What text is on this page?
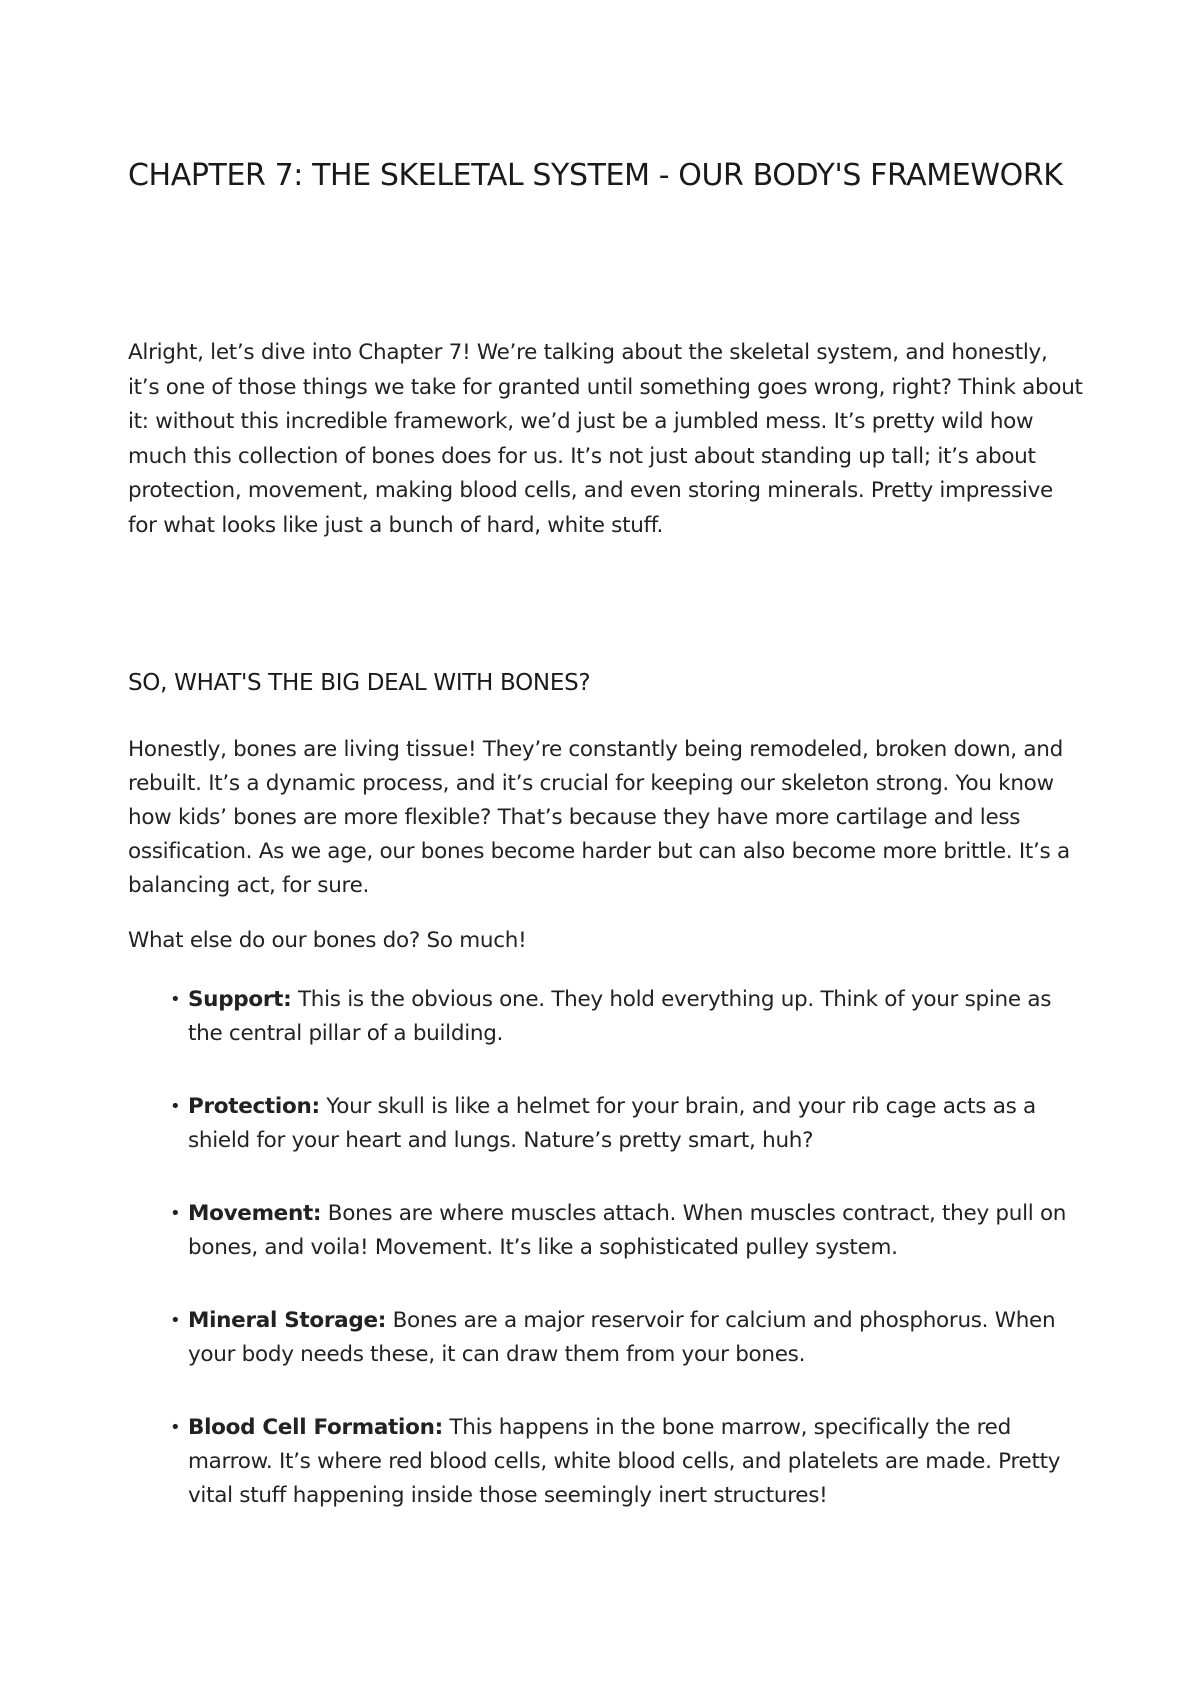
CHAPTER 7: THE SKELETAL SYSTEM - OUR BODY'S FRAMEWORK

Alright, let’s dive into Chapter 7! We’re talking about the skeletal system, and honestly, it’s one of those things we take for granted until something goes wrong, right? Think about it: without this incredible framework, we’d just be a jumbled mess. It’s pretty wild how much this collection of bones does for us. It’s not just about standing up tall; it’s about protection, movement, making blood cells, and even storing minerals. Pretty impressive for what looks like just a bunch of hard, white stuff.

SO, WHAT'S THE BIG DEAL WITH BONES?

Honestly, bones are living tissue! They’re constantly being remodeled, broken down, and rebuilt. It’s a dynamic process, and it’s crucial for keeping our skeleton strong. You know how kids’ bones are more flexible? That’s because they have more cartilage and less ossification. As we age, our bones become harder but can also become more brittle. It’s a balancing act, for sure.

What else do our bones do? So much!

• Support: This is the obvious one. They hold everything up. Think of your spine as the central pillar of a building.
• Protection: Your skull is like a helmet for your brain, and your rib cage acts as a shield for your heart and lungs. Nature’s pretty smart, huh?
• Movement: Bones are where muscles attach. When muscles contract, they pull on bones, and voila! Movement. It’s like a sophisticated pulley system.
• Mineral Storage: Bones are a major reservoir for calcium and phosphorus. When your body needs these, it can draw them from your bones.
• Blood Cell Formation: This happens in the bone marrow, specifically the red marrow. It’s where red blood cells, white blood cells, and platelets are made. Pretty vital stuff happening inside those seemingly inert structures!
